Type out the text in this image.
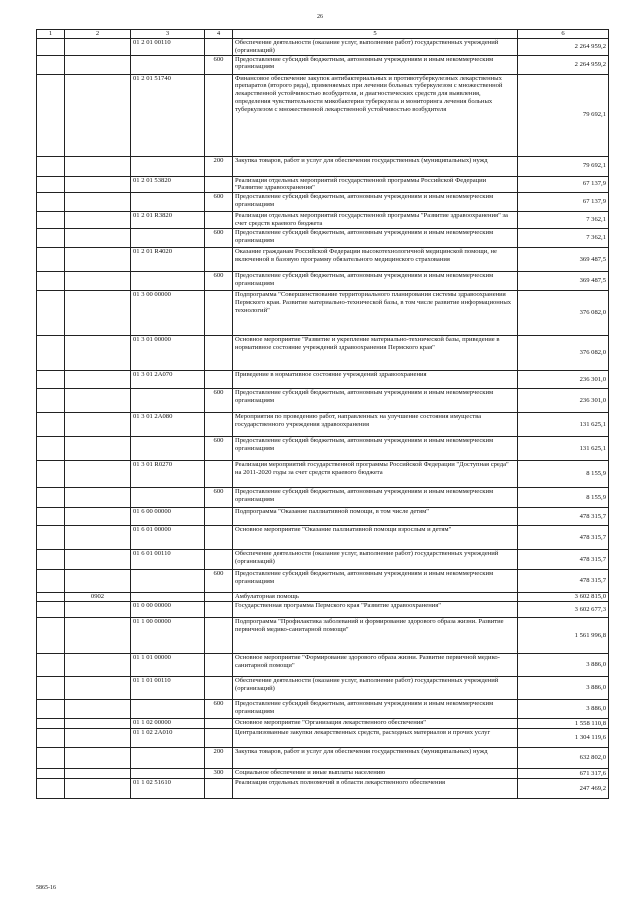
26
1	2	3	4	5	6
		01 2 01 00110		Обеспечение деятельности (оказание услуг, выполнение работ) государственных учреждений (организаций)	2 264 959,2
			600	Предоставление субсидий бюджетным, автономным учреждениям и иным некоммерческим организациям	2 264 959,2
		01 2 01 51740		Финансовое обеспечение закупок антибактериальных и противотуберкулезных лекарственных препаратов (второго ряда), применяемых при лечении больных туберкулезом с множественной лекарственной устойчивостью возбудителя, и диагностических средств для выявления, определения чувствительности микобактерии туберкулеза и мониторинга лечения больных туберкулезом с множественной лекарственной устойчивостью возбудителя	79 692,1
			200	Закупка товаров, работ и услуг для обеспечения государственных (муниципальных) нужд	79 692,1
		01 2 01 53820		Реализация отдельных мероприятий государственной программы Российской Федерации "Развитие здравоохранения"	67 137,9
			600	Предоставление субсидий бюджетным, автономным учреждениям и иным некоммерческим организациям	67 137,9
		01 2 01 R3820		Реализация отдельных мероприятий государственной программы "Развитие здравоохранения" за счет средств краевого бюджета	7 362,1
			600	Предоставление субсидий бюджетным, автономным учреждениям и иным некоммерческим организациям	7 362,1
		01 2 01 R4020		Оказание гражданам Российской Федерации высокотехнологичной медицинской помощи, не включенной в базовую программу обязательного медицинского страхования	369 487,5
			600	Предоставление субсидий бюджетным, автономным учреждениям и иным некоммерческим организациям	369 487,5
		01 3 00 00000		Подпрограмма "Совершенствование территориального планирования системы здравоохранения Пермского края. Развитие материально-технической базы, в том числе развитие информационных технологий"	376 082,0
		01 3 01 00000		Основное мероприятие "Развитие и укрепление материально-технической базы, приведение в нормативное состояние учреждений здравоохранения Пермского края"	376 082,0
		01 3 01 2А070		Приведение в нормативное состояние учреждений здравоохранения	236 301,0
			600	Предоставление субсидий бюджетным, автономным учреждениям и иным некоммерческим организациям	236 301,0
		01 3 01 2А080		Мероприятия по проведению работ, направленных на улучшение состояния имущества государственного учреждения здравоохранения	131 625,1
			600	Предоставление субсидий бюджетным, автономным учреждениям и иным некоммерческим организациям	131 625,1
		01 3 01 R0270		Реализация мероприятий государственной программы Российской Федерации "Доступная среда" на 2011-2020 годы за счет средств краевого бюджета	8 155,9
			600	Предоставление субсидий бюджетным, автономным учреждениям и иным некоммерческим организациям	8 155,9
		01 6 00 00000		Подпрограмма "Оказание паллиативной помощи, в том числе детям"	478 315,7
		01 6 01 00000		Основное мероприятие "Оказание паллиативной помощи взрослым и детям"	478 315,7
		01 6 01 00110		Обеспечение деятельности (оказание услуг, выполнение работ) государственных учреждений (организаций)	478 315,7
			600	Предоставление субсидий бюджетным, автономным учреждениям и иным некоммерческим организациям	478 315,7
	0902			Амбулаторная помощь	3 602 815,0
		01 0 00 00000		Государственная программа Пермского края "Развитие здравоохранения"	3 602 677,3
		01 1 00 00000		Подпрограмма "Профилактика заболеваний и формирование здорового образа жизни. Развитие первичной медико-санитарной помощи"	1 561 996,8
		01 1 01 00000		Основное мероприятие "Формирование здорового образа жизни. Развитие первичной медико-санитарной помощи"	3 886,0
		01 1 01 00110		Обеспечение деятельности (оказание услуг, выполнение работ) государственных учреждений (организаций)	3 886,0
			600	Предоставление субсидий бюджетным, автономным учреждениям и иным некоммерческим организациям	3 886,0
		01 1 02 00000		Основное мероприятие "Организация лекарственного обеспечения"	1 558 110,8
		01 1 02 2А010		Централизованные закупки лекарственных средств, расходных материалов и прочих услуг	1 304 119,6
			200	Закупка товаров, работ и услуг для обеспечения государственных (муниципальных) нужд	632 802,0
			300	Социальное обеспечение и иные выплаты населению	671 317,6
		01 1 02 51610		Реализация отдельных полномочий в области лекарственного обеспечения	247 469,2
5865-16
